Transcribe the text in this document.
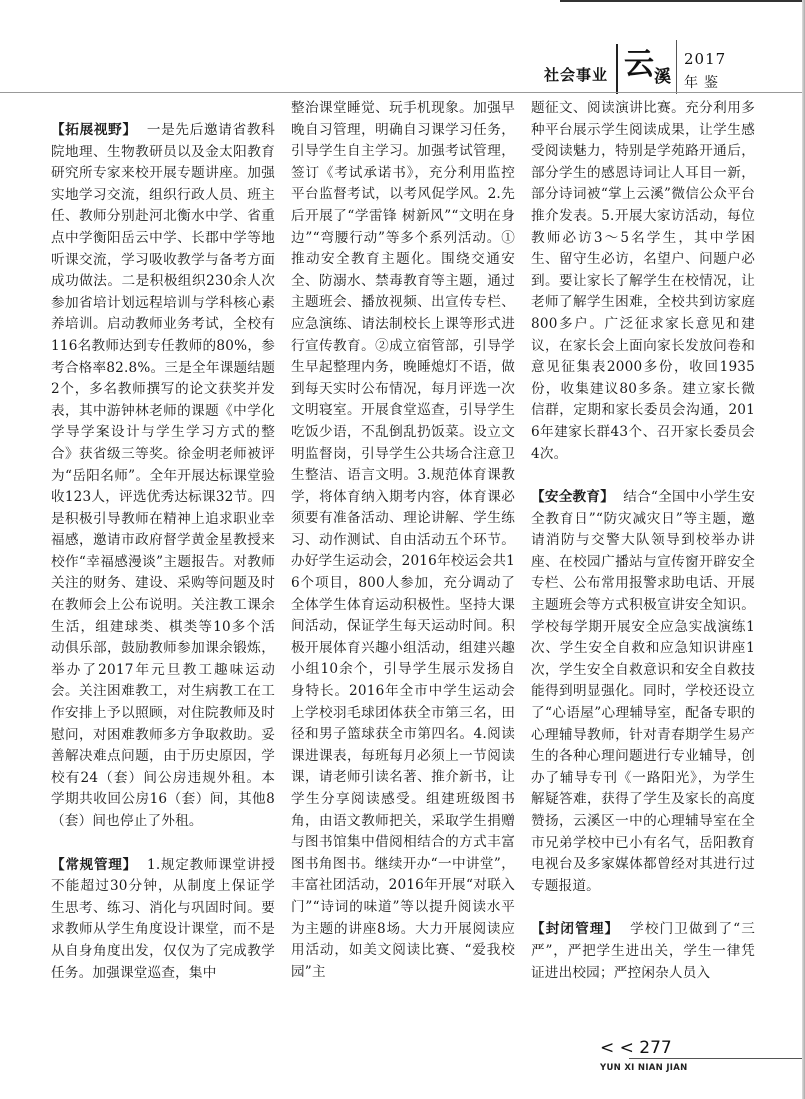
社会事业 云 溪
2017
年鉴

【拓展视野】 一是先后邀请省教科院地理、生物教研员以及金太阳教育研究所专家来校开展专题讲座。加强实地学习交流，组织行政人员、班主任、教师分别赴河北衡水中学、省重点中学衡阳岳云中学、长郡中学等地听课交流，学习吸收教学与备考方面成功做法。二是积极组织230余人次参加省培计划远程培训与学科核心素养培训。启动教师业务考试，全校有116名教师达到专任教师的80%，参考合格率82.8%。三是全年课题结题2个，多名教师撰写的论文获奖并发表，其中游钟林老师的课题《中学化学导学案设计与学生学习方式的整合》获省级三等奖。徐金明老师被评为“岳阳名师”。全年开展达标课堂验收123人，评选优秀达标课32节。四是积极引导教师在精神上追求职业幸福感，邀请市政府督学黄金星教授来校作“幸福感漫谈”主题报告。对教师关注的财务、建设、采购等问题及时在教师会上公布说明。关注教工课余生活，组建球类、棋类等10多个活动俱乐部，鼓励教师参加课余锻炼，举办了2017年元旦教工趣味运动会。关注困难教工，对生病教工在工作安排上予以照顾，对住院教师及时慰问，对困难教师多方争取救助。妥善解决难点问题，由于历史原因，学校有24（套）间公房违规外租。本学期共收回公房16（套）间，其他8（套）间也停止了外租。

【常规管理】 1.规定教师课堂讲授不能超过30分钟，从制度上保证学生思考、练习、消化与巩固时间。要求教师从学生角度设计课堂，而不是从自身角度出发，仅仅为了完成教学任务。加强课堂巡查，集中

整治课堂睡觉、玩手机现象。加强早晚自习管理，明确自习课学习任务，引导学生自主学习。加强考试管理，签订《考试承诺书》，充分利用监控平台监督考试，以考风促学风。2.先后开展了“学雷锋 树新风”“文明在身边”“弯腰行动”等多个系列活动。①推动安全教育主题化。围绕交通安全、防溺水、禁毒教育等主题，通过主题班会、播放视频、出宣传专栏、应急演练、请法制校长上课等形式进行宣传教育。②成立宿管部，引导学生早起整理内务，晚睡熄灯不语，做到每天实时公布情况，每月评选一次文明寝室。开展食堂巡查，引导学生吃饭少语，不乱倒乱扔饭菜。设立文明监督岗，引导学生公共场合注意卫生整洁、语言文明。3.规范体育课教学，将体育纳入期考内容，体育课必须要有准备活动、理论讲解、学生练习、动作测试、自由活动五个环节。办好学生运动会，2016年校运会共16个项目，800人参加，充分调动了全体学生体育运动积极性。坚持大课间活动，保证学生每天运动时间。积极开展体育兴趣小组活动，组建兴趣小组10余个，引导学生展示发扬自身特长。2016年全市中学生运动会上学校羽毛球团体获全市第三名，田径和男子篮球获全市第四名。4.阅读课进课表，每班每月必须上一节阅读课，请老师引读名著、推介新书，让学生分享阅读感受。组建班级图书角，由语文教师把关，采取学生捐赠与图书馆集中借阅相结合的方式丰富图书角图书。继续开办“一中讲堂”，丰富社团活动，2016年开展“对联入门”“诗词的味道”等以提升阅读水平为主题的讲座8场。大力开展阅读应用活动，如美文阅读比赛、“爱我校园”主

题征文、阅读演讲比赛。充分利用多种平台展示学生阅读成果，让学生感受阅读魅力，特别是学苑路开通后，部分学生的感恩诗词让人耳目一新，部分诗词被“掌上云溪”微信公众平台推介发表。5.开展大家访活动，每位教师必访3～5名学生，其中学困生、留守生必访，名望户、问题户必到。要让家长了解学生在校情况，让老师了解学生困难，全校共到访家庭800多户。广泛征求家长意见和建议，在家长会上面向家长发放问卷和意见征集表2000多份，收回1935份，收集建议80多条。建立家长微信群，定期和家长委员会沟通，2016年建家长群43个、召开家长委员会4次。

【安全教育】 结合“全国中小学生安全教育日”“防灾减灾日”等主题，邀请消防与交警大队领导到校举办讲座、在校园广播站与宣传窗开辟安全专栏、公布常用报警求助电话、开展主题班会等方式积极宣讲安全知识。学校每学期开展安全应急实战演练1次、学生安全自救和应急知识讲座1次，学生安全自救意识和安全自救技能得到明显强化。同时，学校还设立了“心语屋”心理辅导室，配备专职的心理辅导教师，针对青春期学生易产生的各种心理问题进行专业辅导，创办了辅导专刊《一路阳光》，为学生解疑答难，获得了学生及家长的高度赞扬，云溪区一中的心理辅导室在全市兄弟学校中已小有名气，岳阳教育电视台及多家媒体都曾经对其进行过专题报道。

【封闭管理】 学校门卫做到了“三严”，严把学生进出关，学生一律凭证进出校园；严控闲杂人员入

< < 277
YUN XI NIAN JIAN
